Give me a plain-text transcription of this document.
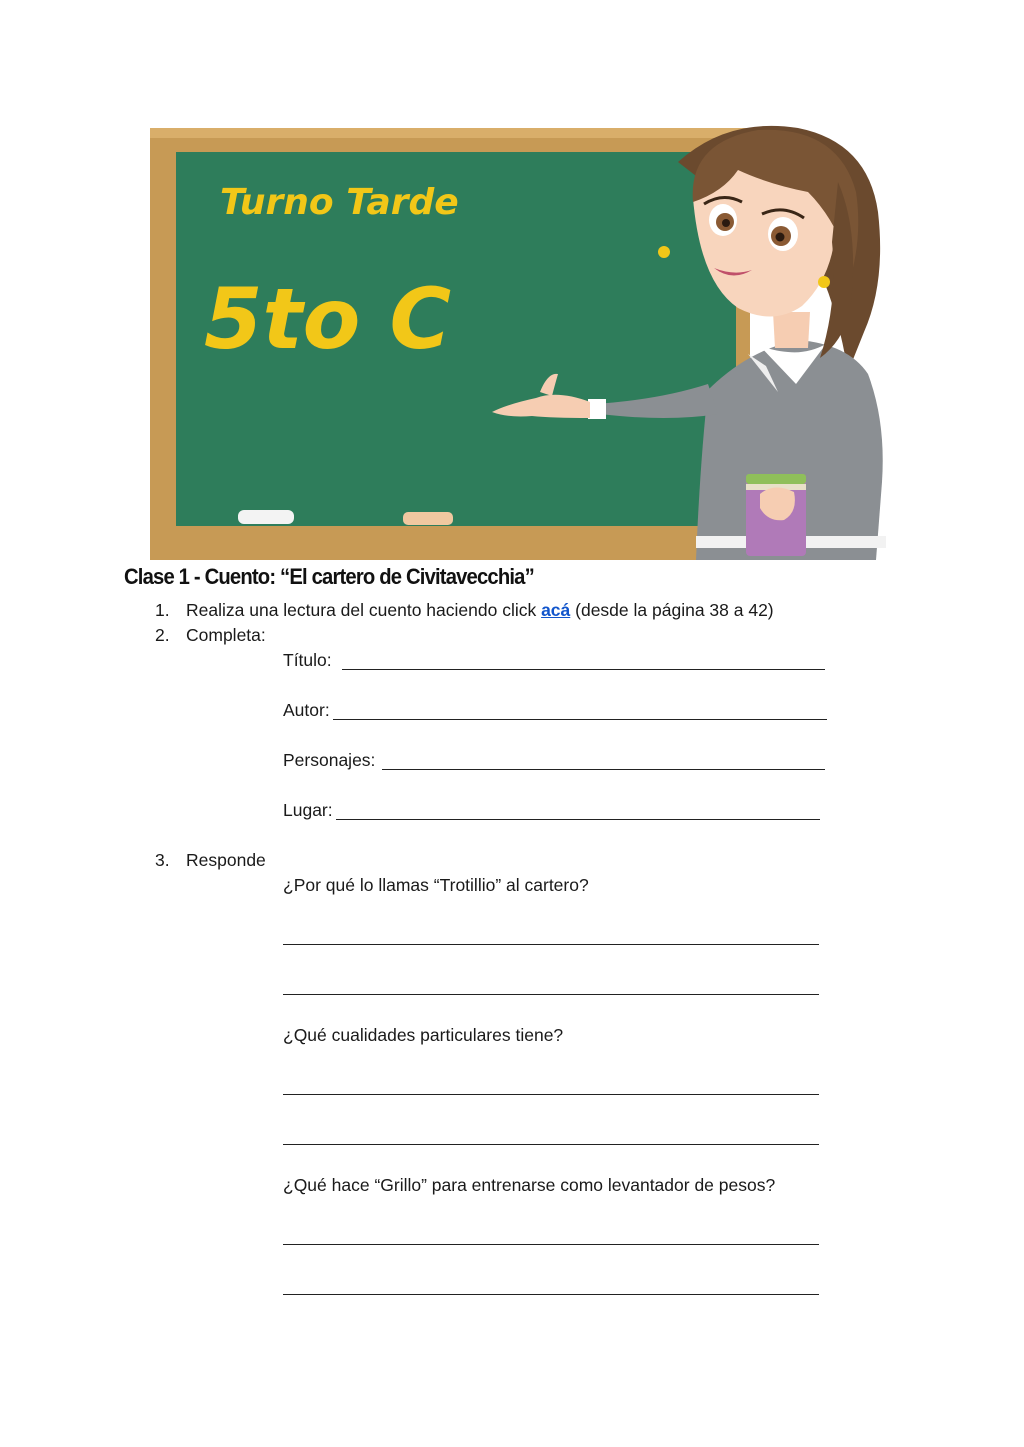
Turno Tarde
5to C
Clase 1 - Cuento: “El cartero de Civitavecchia”
1. Realiza una lectura del cuento haciendo click acá (desde la página 38 a 42)
2. Completa:
Título:
Autor:
Personajes:
Lugar:
3. Responde
¿Por qué lo llamas “Trotillio” al cartero?
¿Qué cualidades particulares tiene?
¿Qué hace “Grillo” para entrenarse como levantador de pesos?
